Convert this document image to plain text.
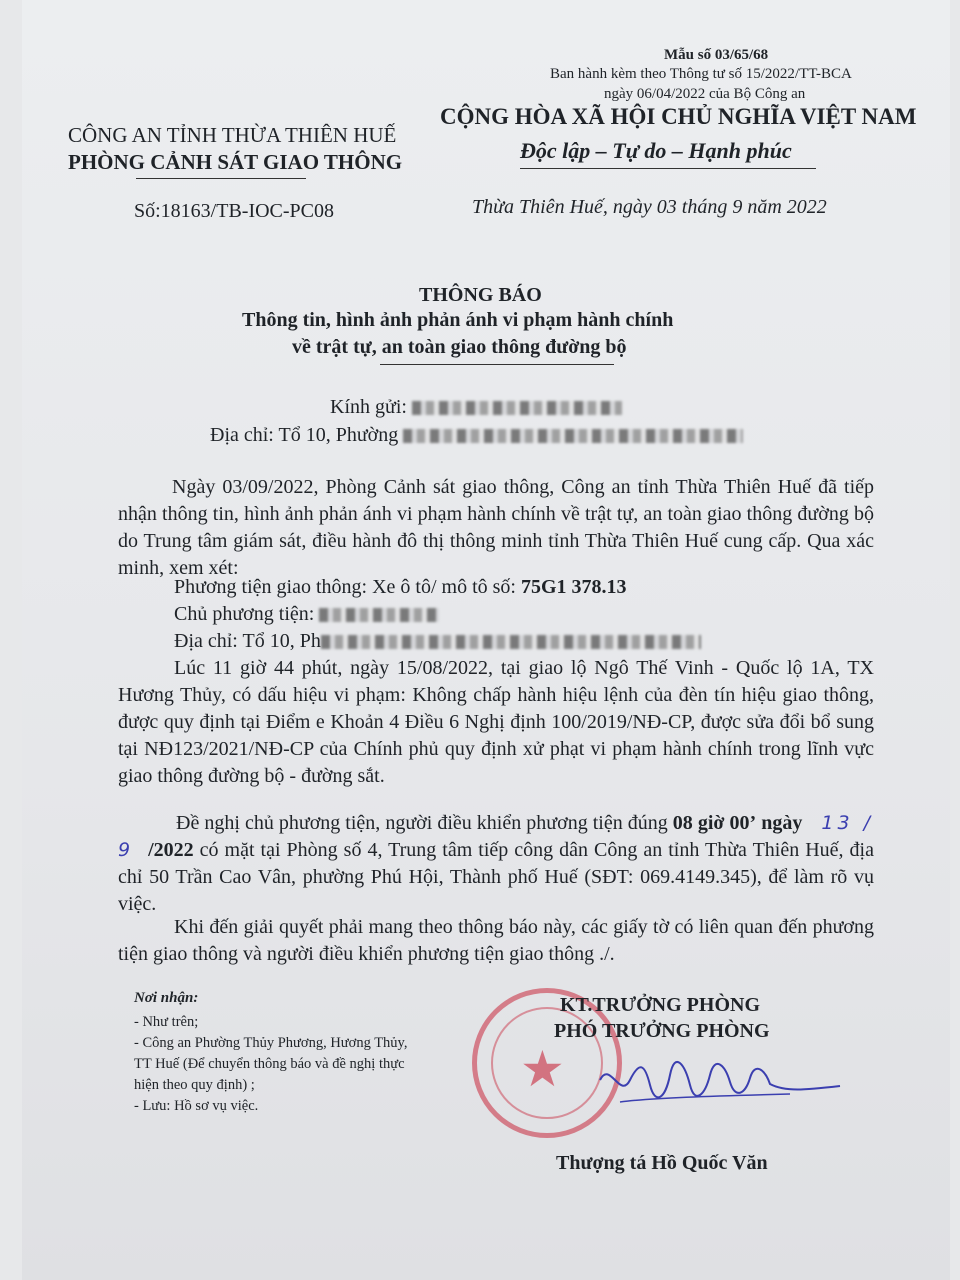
Mẫu số 03/65/68
Ban hành kèm theo Thông tư số 15/2022/TT-BCA
ngày 06/04/2022 của Bộ Công an
CÔNG AN TỈNH THỪA THIÊN HUẾ
PHÒNG CẢNH SÁT GIAO THÔNG
Số:18163/TB-IOC-PC08
CỘNG HÒA XÃ HỘI CHỦ NGHĨA VIỆT NAM
Độc lập – Tự do – Hạnh phúc
Thừa Thiên Huế, ngày 03 tháng 9 năm 2022
THÔNG BÁO
Thông tin, hình ảnh phản ánh vi phạm hành chính
về trật tự, an toàn giao thông đường bộ
Kính gửi:
Địa chỉ: Tổ 10, Phường
Ngày 03/09/2022, Phòng Cảnh sát giao thông, Công an tỉnh Thừa Thiên Huế đã tiếp nhận thông tin, hình ảnh phản ánh vi phạm hành chính về trật tự, an toàn giao thông đường bộ do Trung tâm giám sát, điều hành đô thị thông minh tỉnh Thừa Thiên Huế cung cấp. Qua xác minh, xem xét:
Phương tiện giao thông: Xe ô tô/ mô tô số: 75G1 378.13
Chủ phương tiện:
Địa chỉ: Tổ 10, Ph
Lúc 11 giờ 44 phút, ngày 15/08/2022, tại giao lộ Ngô Thế Vinh - Quốc lộ 1A, TX Hương Thủy, có dấu hiệu vi phạm: Không chấp hành hiệu lệnh của đèn tín hiệu giao thông, được quy định tại Điểm e Khoản 4 Điều 6 Nghị định 100/2019/NĐ-CP, được sửa đổi bổ sung tại NĐ123/2021/NĐ-CP của Chính phủ quy định xử phạt vi phạm hành chính trong lĩnh vực giao thông đường bộ - đường sắt.
Đề nghị chủ phương tiện, người điều khiển phương tiện đúng 08 giờ 00’ ngày 13 / 9 /2022 có mặt tại Phòng số 4, Trung tâm tiếp công dân Công an tỉnh Thừa Thiên Huế, địa chỉ 50 Trần Cao Vân, phường Phú Hội, Thành phố Huế (SĐT: 069.4149.345), để làm rõ vụ việc.
Khi đến giải quyết phải mang theo thông báo này, các giấy tờ có liên quan đến phương tiện giao thông và người điều khiển phương tiện giao thông ./.
Nơi nhận:
- Như trên;
- Công an Phường Thủy Phương, Hương Thủy,
TT Huế (Để chuyển thông báo và đề nghị thực
hiện theo quy định) ;
- Lưu: Hồ sơ vụ việc.
★
KT.TRƯỞNG PHÒNG
PHÓ TRƯỞNG PHÒNG
Thượng tá Hồ Quốc Văn
